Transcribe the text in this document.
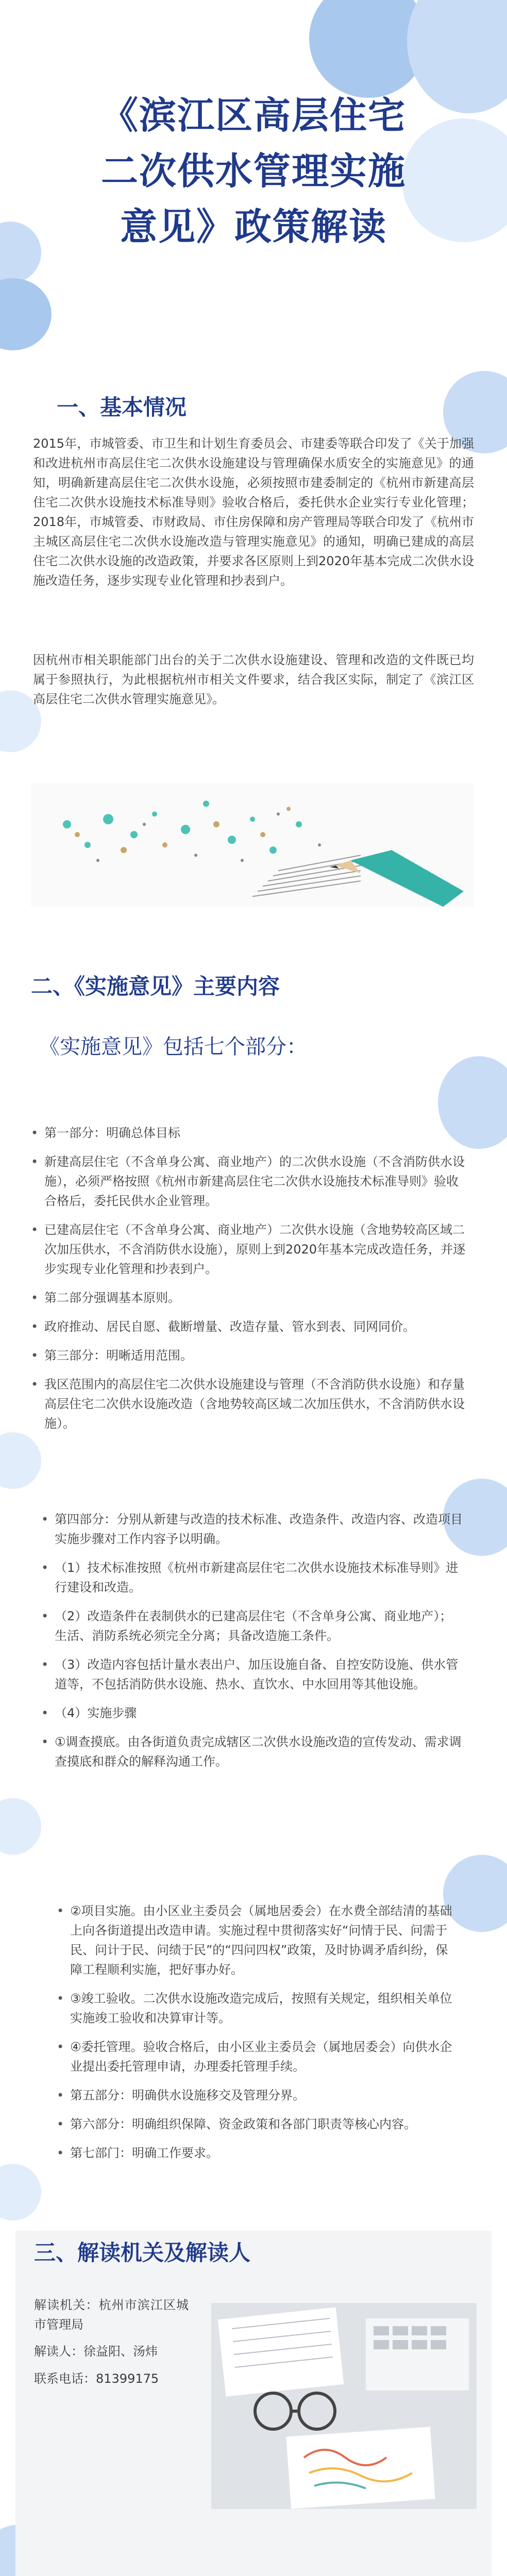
《滨江区高层住宅
二次供水管理实施
意见》政策解读
一、基本情况
2015年，市城管委、市卫生和计划生育委员会、市建委等联合印发了《关于加强和改进杭州市高层住宅二次供水设施建设与管理确保水质安全的实施意见》的通知，明确新建高层住宅二次供水设施，必须按照市建委制定的《杭州市新建高层住宅二次供水设施技术标准导则》验收合格后，委托供水企业实行专业化管理；2018年，市城管委、市财政局、市住房保障和房产管理局等联合印发了《杭州市主城区高层住宅二次供水设施改造与管理实施意见》的通知，明确已建成的高层住宅二次供水设施的改造政策，并要求各区原则上到2020年基本完成二次供水设施改造任务，逐步实现专业化管理和抄表到户。
因杭州市相关职能部门出台的关于二次供水设施建设、管理和改造的文件既已均属于参照执行，为此根据杭州市相关文件要求，结合我区实际，制定了《滨江区高层住宅二次供水管理实施意见》。
二、《实施意见》主要内容
《实施意见》包括七个部分：
• 第一部分：明确总体目标
• 新建高层住宅（不含单身公寓、商业地产）的二次供水设施（不含消防供水设施），必须严格按照《杭州市新建高层住宅二次供水设施技术标准导则》验收合格后，委托民供水企业管理。
• 已建高层住宅（不含单身公寓、商业地产）二次供水设施（含地势较高区域二次加压供水，不含消防供水设施），原则上到2020年基本完成改造任务，并逐步实现专业化管理和抄表到户。
• 第二部分强调基本原则。
• 政府推动、居民自愿、截断增量、改造存量、管水到表、同网同价。
• 第三部分：明晰适用范围。
• 我区范围内的高层住宅二次供水设施建设与管理（不含消防供水设施）和存量高层住宅二次供水设施改造（含地势较高区域二次加压供水，不含消防供水设施）。
• 第四部分：分别从新建与改造的技术标准、改造条件、改造内容、改造项目实施步骤对工作内容予以明确。
• （1）技术标准按照《杭州市新建高层住宅二次供水设施技术标准导则》进行建设和改造。
• （2）改造条件在表制供水的已建高层住宅（不含单身公寓、商业地产）；生活、消防系统必须完全分离；具备改造施工条件。
• （3）改造内容包括计量水表出户、加压设施自备、自控安防设施、供水管道等，不包括消防供水设施、热水、直饮水、中水回用等其他设施。
• （4）实施步骤
• ①调查摸底。由各街道负责完成辖区二次供水设施改造的宣传发动、需求调查摸底和群众的解释沟通工作。
• ②项目实施。由小区业主委员会（属地居委会）在水费全部结清的基础上向各街道提出改造申请。实施过程中贯彻落实好“问情于民、问需于民、问计于民、问绩于民”的“四问四权”政策，及时协调矛盾纠纷，保障工程顺利实施，把好事办好。
• ③竣工验收。二次供水设施改造完成后，按照有关规定，组织相关单位实施竣工验收和决算审计等。
• ④委托管理。验收合格后，由小区业主委员会（属地居委会）向供水企业提出委托管理申请，办理委托管理手续。
• 第五部分：明确供水设施移交及管理分界。
• 第六部分：明确组织保障、资金政策和各部门职责等核心内容。
• 第七部门：明确工作要求。
三、解读机关及解读人
解读机关：杭州市滨江区城市管理局
解读人：徐益阳、汤炜
联系电话：81399175
